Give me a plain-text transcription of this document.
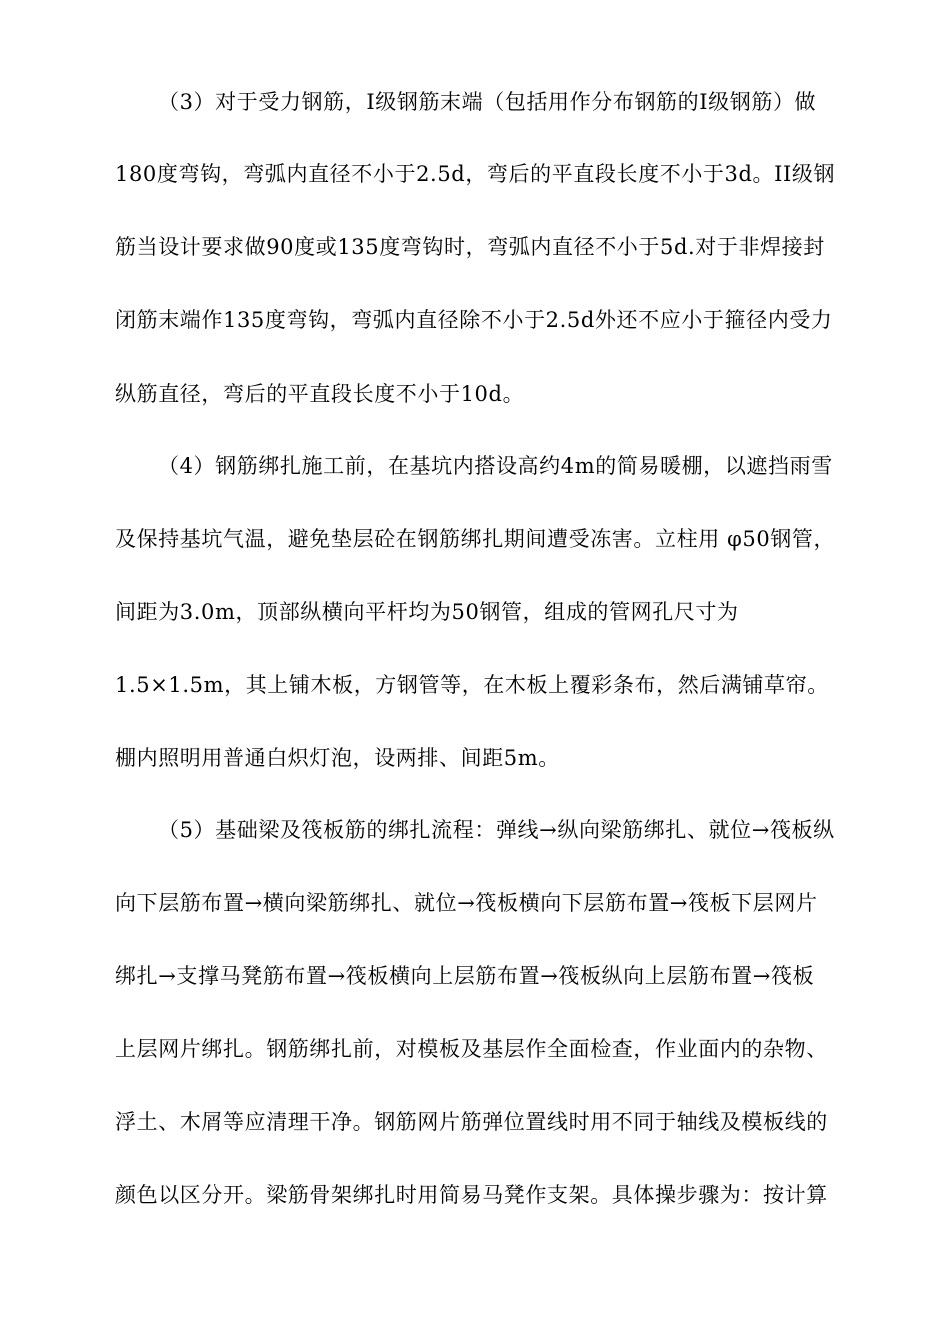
（3）对于受力钢筋，I级钢筋末端（包括用作分布钢筋的I级钢筋）做
180度弯钩，弯弧内直径不小于2.5d，弯后的平直段长度不小于3d。II级钢
筋当设计要求做90度或135度弯钩时，弯弧内直径不小于5d.对于非焊接封
闭筋末端作135度弯钩，弯弧内直径除不小于2.5d外还不应小于箍径内受力
纵筋直径，弯后的平直段长度不小于10d。
（4）钢筋绑扎施工前，在基坑内搭设高约4m的简易暖棚，以遮挡雨雪
及保持基坑气温，避免垫层砼在钢筋绑扎期间遭受冻害。立柱用 φ50钢管，
间距为3.0m，顶部纵横向平杆均为50钢管，组成的管网孔尺寸为
1.5×1.5m，其上铺木板，方钢管等，在木板上覆彩条布，然后满铺草帘。
棚内照明用普通白炽灯泡，设两排、间距5m。
（5）基础梁及筏板筋的绑扎流程：弹线→纵向梁筋绑扎、就位→筏板纵
向下层筋布置→横向梁筋绑扎、就位→筏板横向下层筋布置→筏板下层网片
绑扎→支撑马凳筋布置→筏板横向上层筋布置→筏板纵向上层筋布置→筏板
上层网片绑扎。钢筋绑扎前，对模板及基层作全面检查，作业面内的杂物、
浮土、木屑等应清理干净。钢筋网片筋弹位置线时用不同于轴线及模板线的
颜色以区分开。梁筋骨架绑扎时用简易马凳作支架。具体操步骤为：按计算
